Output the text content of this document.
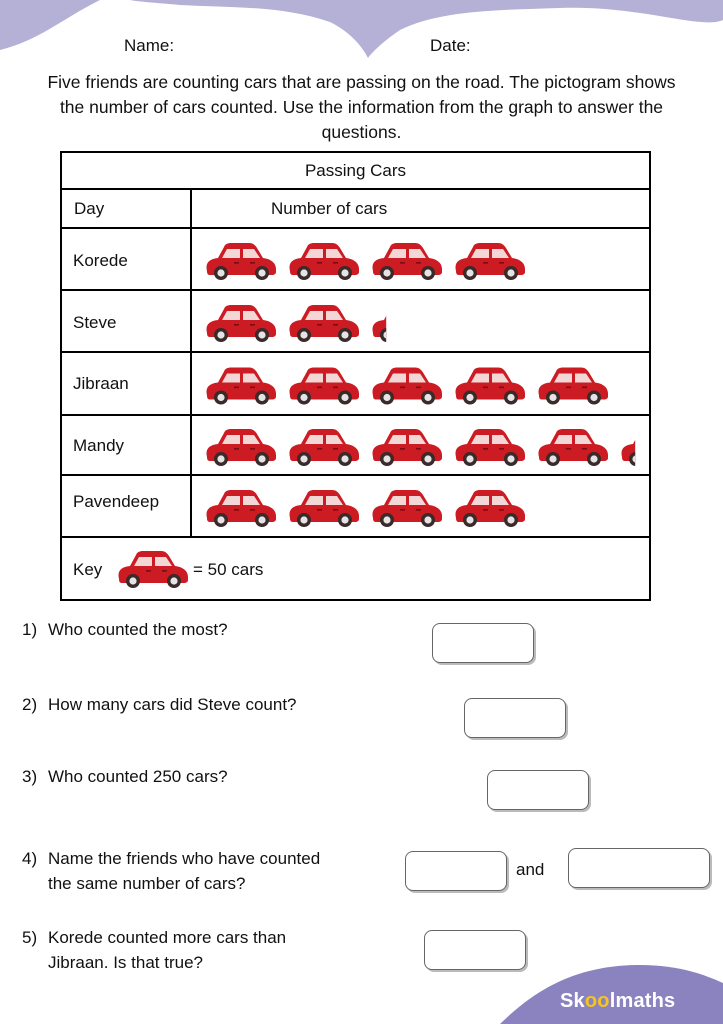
Name:	Date:
Five friends are counting cars that are passing on the road. The pictogram shows the number of cars counted. Use the information from the graph to answer the questions.
Passing Cars
Day	Number of cars
Korede
Steve
Jibraan
Mandy
Pavendeep
Key	= 50 cars
1) Who counted the most?
2) How many cars did Steve count?
3) Who counted 250 cars?
4) Name the friends who have counted
the same number of cars?
and
5) Korede counted more cars than
Jibraan. Is that true?
Skoolmaths
